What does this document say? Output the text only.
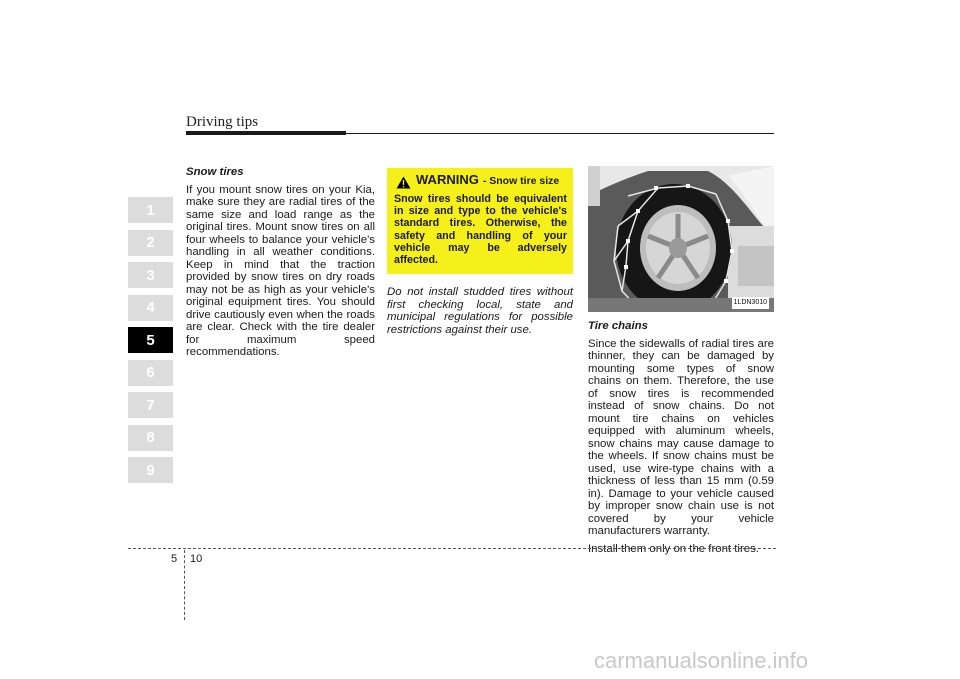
Driving tips
1
2
3
4
5
6
7
8
9

Snow tires

If you mount snow tires on your Kia, make sure they are radial tires of the same size and load range as the original tires. Mount snow tires on all four wheels to balance your vehicle's handling in all weather conditions. Keep in mind that the traction provided by snow tires on dry roads may not be as high as your vehicle's original equipment tires. You should drive cautiously even when the roads are clear. Check with the tire dealer for maximum speed recommendations.

WARNING - Snow tire size
Snow tires should be equivalent in size and type to the vehicle's standard tires. Otherwise, the safety and handling of your vehicle may be adversely affected.

Do not install studded tires without first checking local, state and municipal regulations for possible restrictions against their use.

1LDN3010

Tire chains

Since the sidewalls of radial tires are thinner, they can be damaged by mounting some types of snow chains on them. Therefore, the use of snow tires is recommended instead of snow chains. Do not mount tire chains on vehicles equipped with aluminum wheels, snow chains may cause damage to the wheels. If snow chains must be used, use wire-type chains with a thickness of less than 15 mm (0.59 in). Damage to your vehicle caused by improper snow chain use is not covered by your vehicle manufacturers warranty.

Install them only on the front tires.

5 10
carmanualsonline.info
